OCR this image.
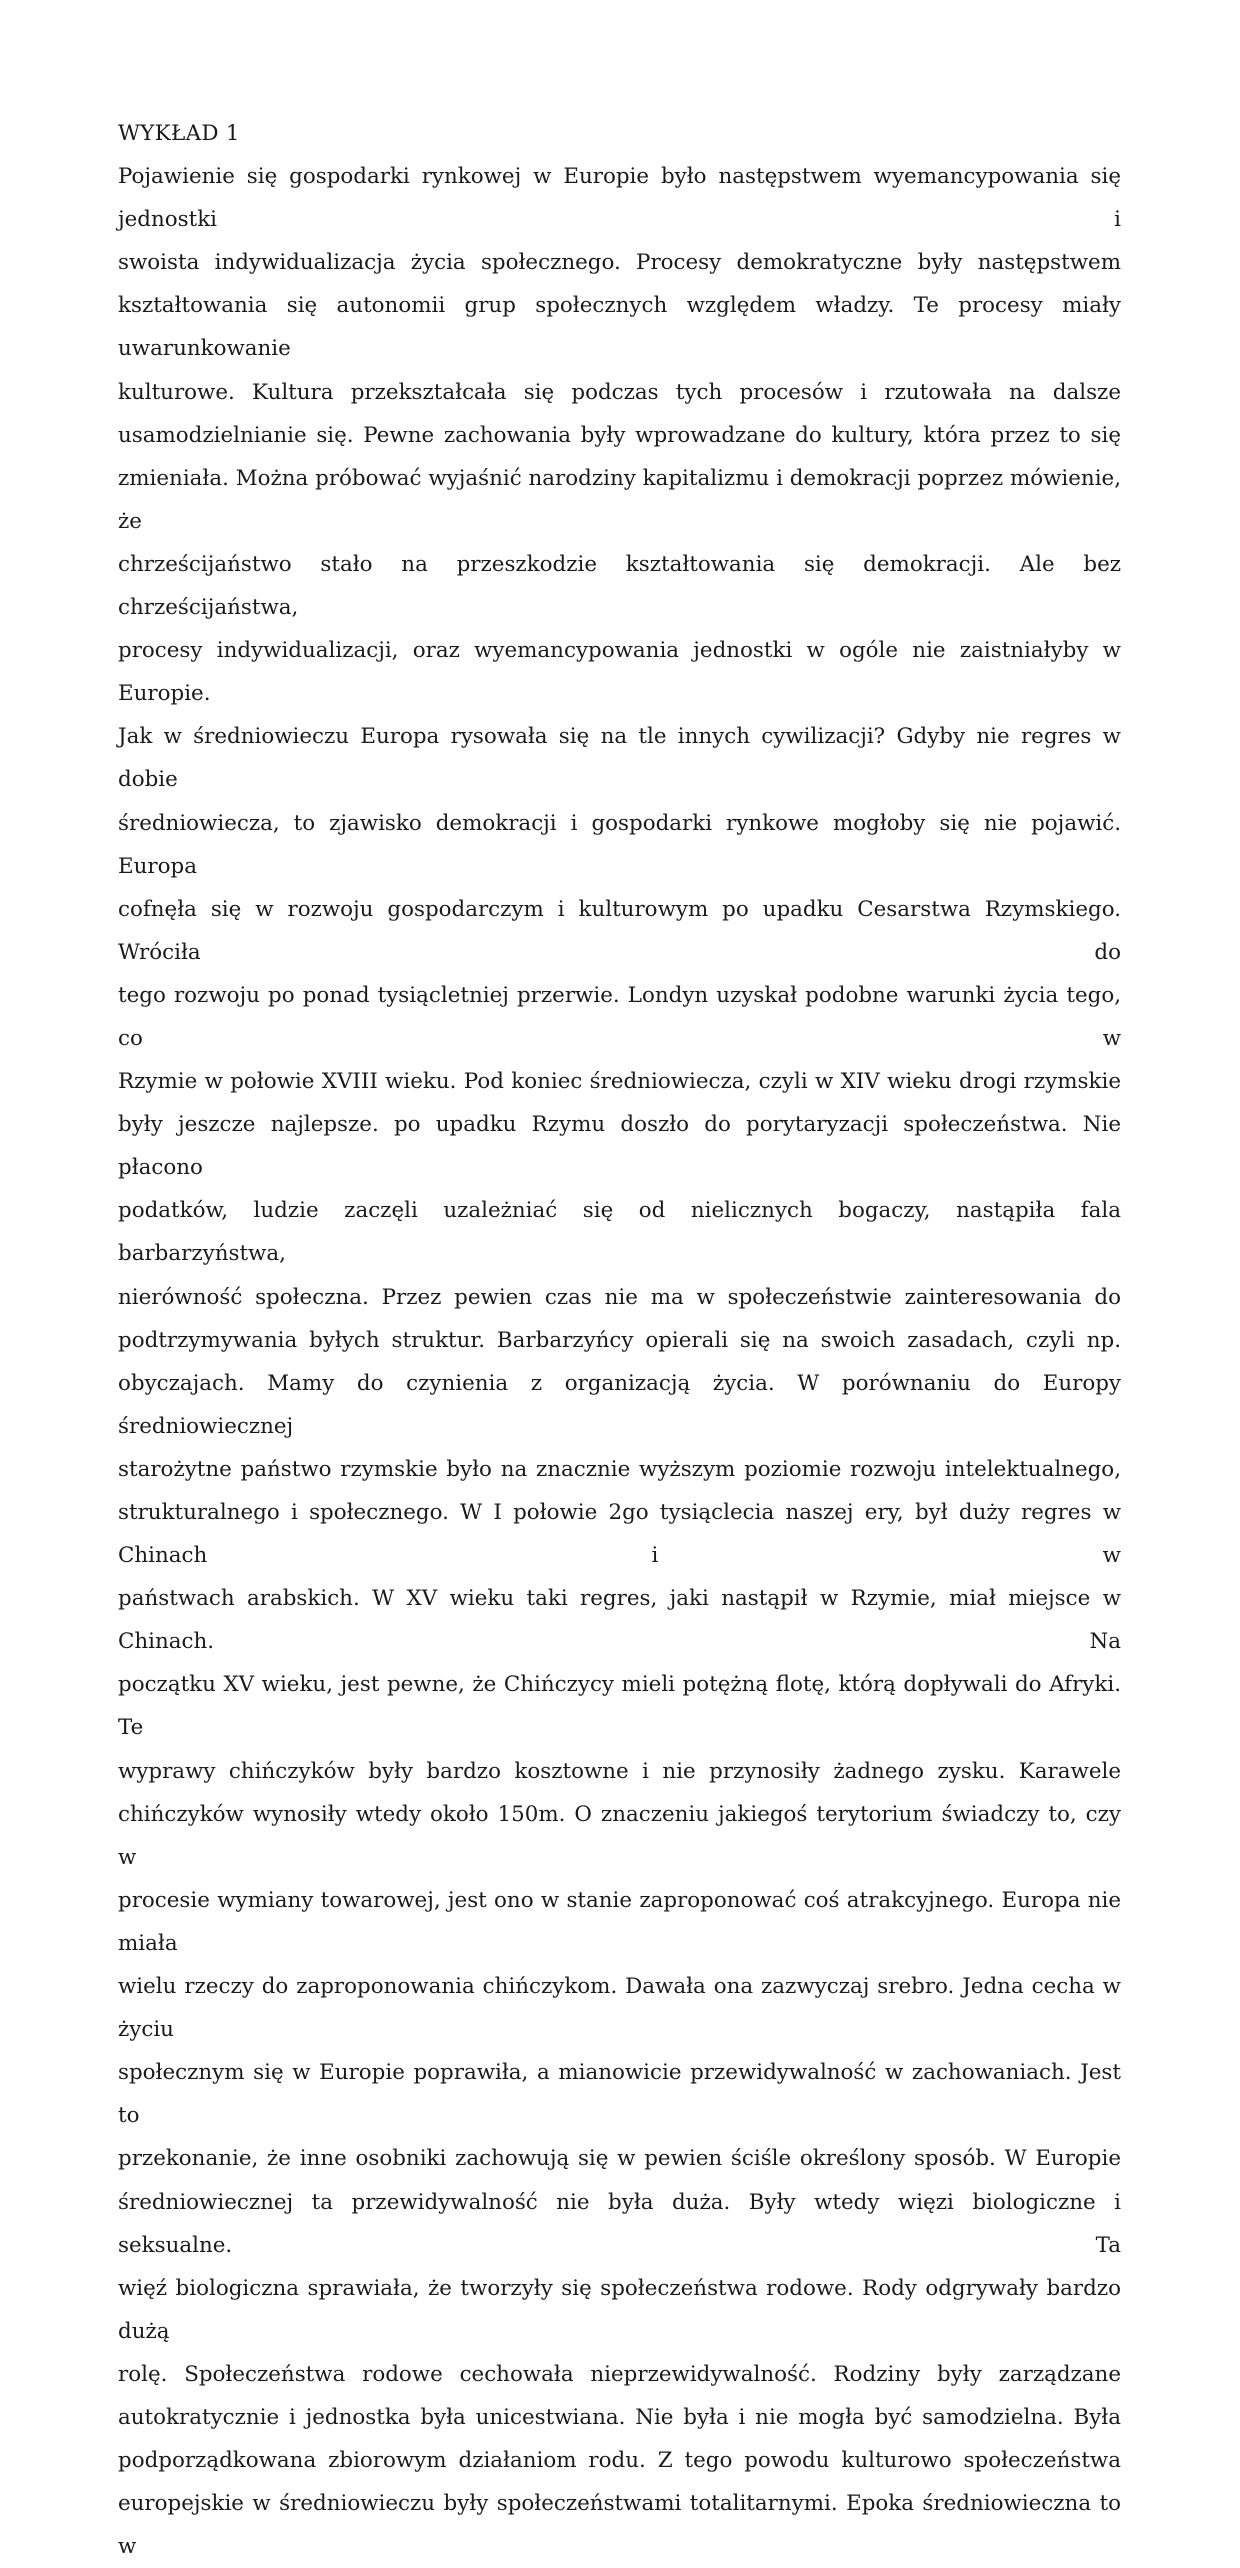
WYKŁAD 1
Pojawienie się gospodarki rynkowej w Europie było następstwem wyemancypowania się jednostki i
swoista indywidualizacja życia społecznego. Procesy demokratyczne były następstwem
kształtowania się autonomii grup społecznych względem władzy. Te procesy miały uwarunkowanie
kulturowe. Kultura przekształcała się podczas tych procesów i rzutowała na dalsze
usamodzielnianie się. Pewne zachowania były wprowadzane do kultury, która przez to się
zmieniała. Można próbować wyjaśnić narodziny kapitalizmu i demokracji poprzez mówienie, że
chrześcijaństwo stało na przeszkodzie kształtowania się demokracji. Ale bez chrześcijaństwa,
procesy indywidualizacji, oraz wyemancypowania jednostki w ogóle nie zaistniałyby w Europie.
Jak w średniowieczu Europa rysowała się na tle innych cywilizacji? Gdyby nie regres w dobie
średniowiecza, to zjawisko demokracji i gospodarki rynkowe mogłoby się nie pojawić. Europa
cofnęła się w rozwoju gospodarczym i kulturowym po upadku Cesarstwa Rzymskiego. Wróciła do
tego rozwoju po ponad tysiącletniej przerwie. Londyn uzyskał podobne warunki życia tego, co w
Rzymie w połowie XVIII wieku. Pod koniec średniowiecza, czyli w XIV wieku drogi rzymskie
były jeszcze najlepsze. po upadku Rzymu doszło do porytaryzacji społeczeństwa. Nie płacono
podatków, ludzie zaczęli uzależniać się od nielicznych bogaczy, nastąpiła fala barbarzyństwa,
nierówność społeczna. Przez pewien czas nie ma w społeczeństwie zainteresowania do
podtrzymywania byłych struktur. Barbarzyńcy opierali się na swoich zasadach, czyli np.
obyczajach. Mamy do czynienia z organizacją życia. W porównaniu do Europy średniowiecznej
starożytne państwo rzymskie było na znacznie wyższym poziomie rozwoju intelektualnego,
strukturalnego i społecznego. W I połowie 2go tysiąclecia naszej ery, był duży regres w Chinach i w
państwach arabskich. W XV wieku taki regres, jaki nastąpił w Rzymie, miał miejsce w Chinach. Na
początku XV wieku, jest pewne, że Chińczycy mieli potężną flotę, którą dopływali do Afryki. Te
wyprawy chińczyków były bardzo kosztowne i nie przynosiły żadnego zysku. Karawele
chińczyków wynosiły wtedy około 150m. O znaczeniu jakiegoś terytorium świadczy to, czy w
procesie wymiany towarowej, jest ono w stanie zaproponować coś atrakcyjnego. Europa nie miała
wielu rzeczy do zaproponowania chińczykom. Dawała ona zazwyczaj srebro. Jedna cecha w życiu
społecznym się w Europie poprawiła, a mianowicie przewidywalność w zachowaniach. Jest to
przekonanie, że inne osobniki zachowują się w pewien ściśle określony sposób. W Europie
średniowiecznej ta przewidywalność nie była duża. Były wtedy więzi biologiczne i seksualne. Ta
więź biologiczna sprawiała, że tworzyły się społeczeństwa rodowe. Rody odgrywały bardzo dużą
rolę. Społeczeństwa rodowe cechowała nieprzewidywalność. Rodziny były zarządzane
autokratycznie i jednostka była unicestwiana. Nie była i nie mogła być samodzielna. Była
podporządkowana zbiorowym działaniom rodu. Z tego powodu kulturowo społeczeństwa
europejskie w średniowieczu były społeczeństwami totalitarnymi. Epoka średniowieczna to w
